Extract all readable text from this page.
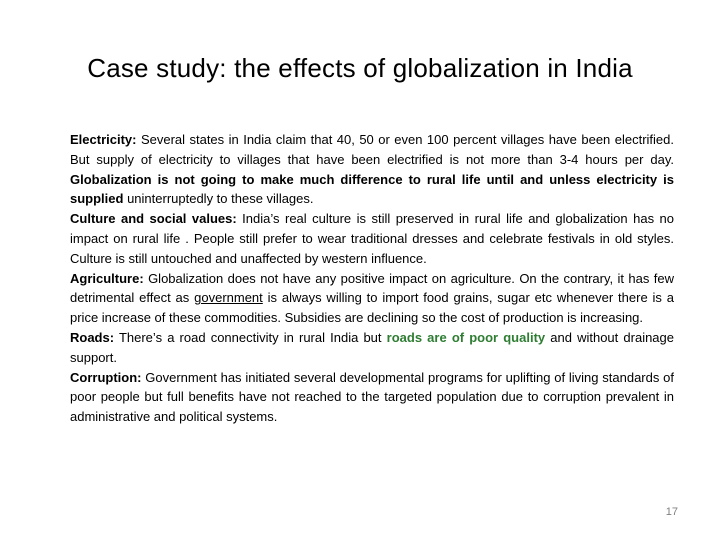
Case study: the effects of globalization in India

Electricity: Several states in India claim that 40, 50 or even 100 percent villages have been electrified. But supply of electricity to villages that have been electrified is not more than 3-4 hours per day. Globalization is not going to make much difference to rural life until and unless electricity is supplied uninterruptedly to these villages.

Culture and social values: India’s real culture is still preserved in rural life and globalization has no impact on rural life . People still prefer to wear traditional dresses and celebrate festivals in old styles. Culture is still untouched and unaffected by western influence.

Agriculture: Globalization does not have any positive impact on agriculture. On the contrary, it has few detrimental effect as government is always willing to import food grains, sugar etc whenever there is a price increase of these commodities. Subsidies are declining so the cost of production is increasing.

Roads: There’s a road connectivity in rural India but roads are of poor quality and without drainage support.

Corruption: Government has initiated several developmental programs for uplifting of living standards of poor people but full benefits have not reached to the targeted population due to corruption prevalent in administrative and political systems.

17
